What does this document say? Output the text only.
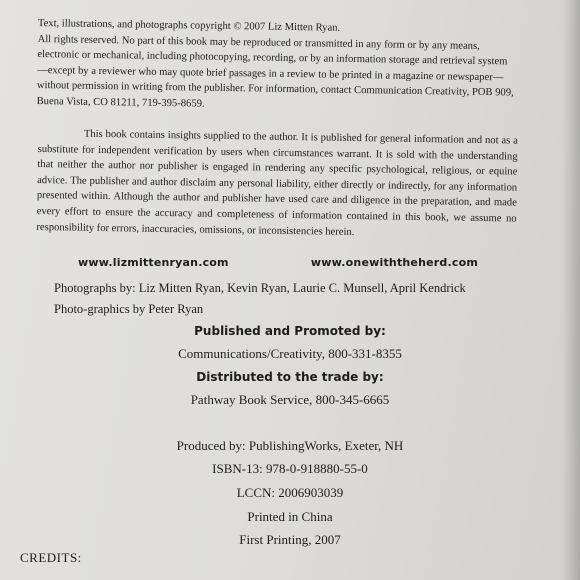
Text, illustrations, and photographs copyright © 2007 Liz Mitten Ryan.

All rights reserved. No part of this book may be reproduced or transmitted in any form or by any means, electronic or mechanical, including photocopying, recording, or by an information storage and retrieval system—except by a reviewer who may quote brief passages in a review to be printed in a magazine or newspaper—without permission in writing from the publisher. For information, contact Communication Creativity, POB 909, Buena Vista, CO 81211, 719-395-8659.

This book contains insights supplied to the author. It is published for general information and not as a substitute for independent verification by users when circumstances warrant. It is sold with the understanding that neither the author nor publisher is engaged in rendering any specific psychological, religious, or equine advice. The publisher and author disclaim any personal liability, either directly or indirectly, for any information presented within. Although the author and publisher have used care and diligence in the preparation, and made every effort to ensure the accuracy and completeness of information contained in this book, we assume no responsibility for errors, inaccuracies, omissions, or inconsistencies herein.

www.lizmittenryan.com	www.onewiththeherd.com
Photographs by: Liz Mitten Ryan, Kevin Ryan, Laurie C. Munsell, April Kendrick
Photo-graphics by Peter Ryan
Published and Promoted by:
Communications/Creativity, 800-331-8355
Distributed to the trade by:
Pathway Book Service, 800-345-6665
Produced by: PublishingWorks, Exeter, NH
ISBN-13: 978-0-918880-55-0
LCCN: 2006903039
Printed in China
First Printing, 2007
CREDITS:
